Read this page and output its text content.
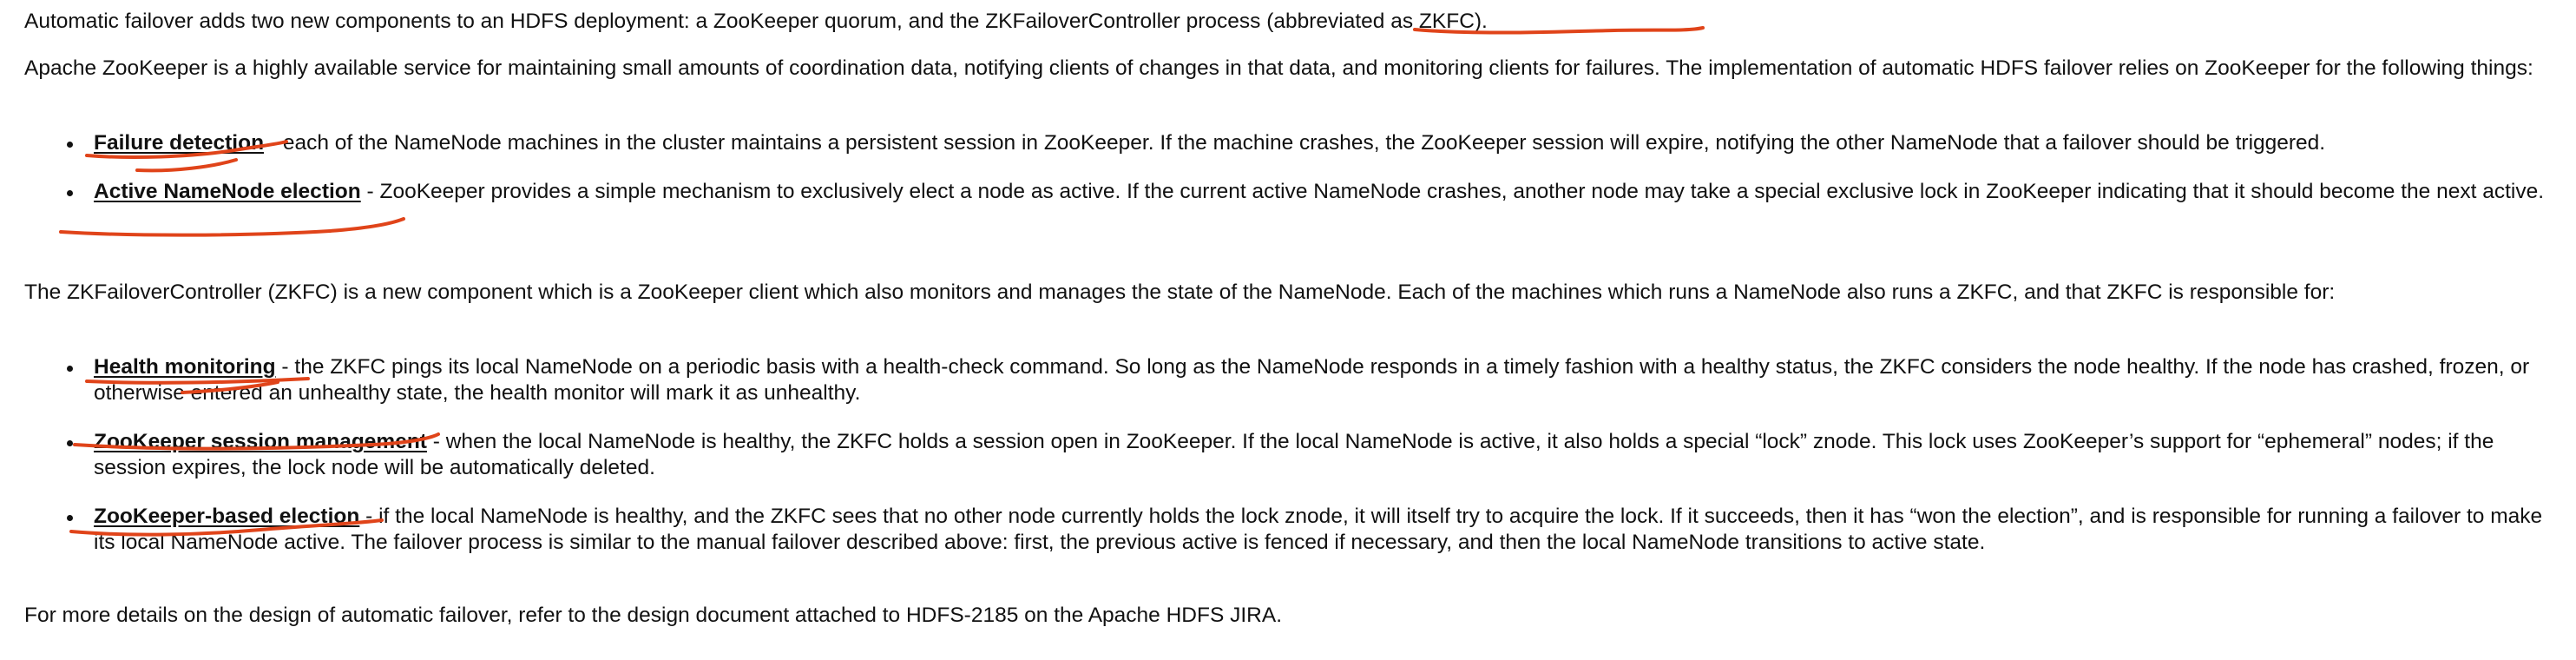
Automatic failover adds two new components to an HDFS deployment: a ZooKeeper quorum, and the ZKFailoverController process (abbreviated as ZKFC).

Apache ZooKeeper is a highly available service for maintaining small amounts of coordination data, notifying clients of changes in that data, and monitoring clients for failures. The implementation of automatic HDFS failover relies on ZooKeeper for the following things:

Failure detection - each of the NameNode machines in the cluster maintains a persistent session in ZooKeeper. If the machine crashes, the ZooKeeper session will expire, notifying the other NameNode that a failover should be triggered.
Active NameNode election - ZooKeeper provides a simple mechanism to exclusively elect a node as active. If the current active NameNode crashes, another node may take a special exclusive lock in ZooKeeper indicating that it should become the next active.

The ZKFailoverController (ZKFC) is a new component which is a ZooKeeper client which also monitors and manages the state of the NameNode. Each of the machines which runs a NameNode also runs a ZKFC, and that ZKFC is responsible for:

Health monitoring - the ZKFC pings its local NameNode on a periodic basis with a health-check command. So long as the NameNode responds in a timely fashion with a healthy status, the ZKFC considers the node healthy. If the node has crashed, frozen, or otherwise entered an unhealthy state, the health monitor will mark it as unhealthy.
ZooKeeper session management - when the local NameNode is healthy, the ZKFC holds a session open in ZooKeeper. If the local NameNode is active, it also holds a special “lock” znode. This lock uses ZooKeeper’s support for “ephemeral” nodes; if the session expires, the lock node will be automatically deleted.
ZooKeeper-based election - if the local NameNode is healthy, and the ZKFC sees that no other node currently holds the lock znode, it will itself try to acquire the lock. If it succeeds, then it has “won the election”, and is responsible for running a failover to make its local NameNode active. The failover process is similar to the manual failover described above: first, the previous active is fenced if necessary, and then the local NameNode transitions to active state.

For more details on the design of automatic failover, refer to the design document attached to HDFS-2185 on the Apache HDFS JIRA.
